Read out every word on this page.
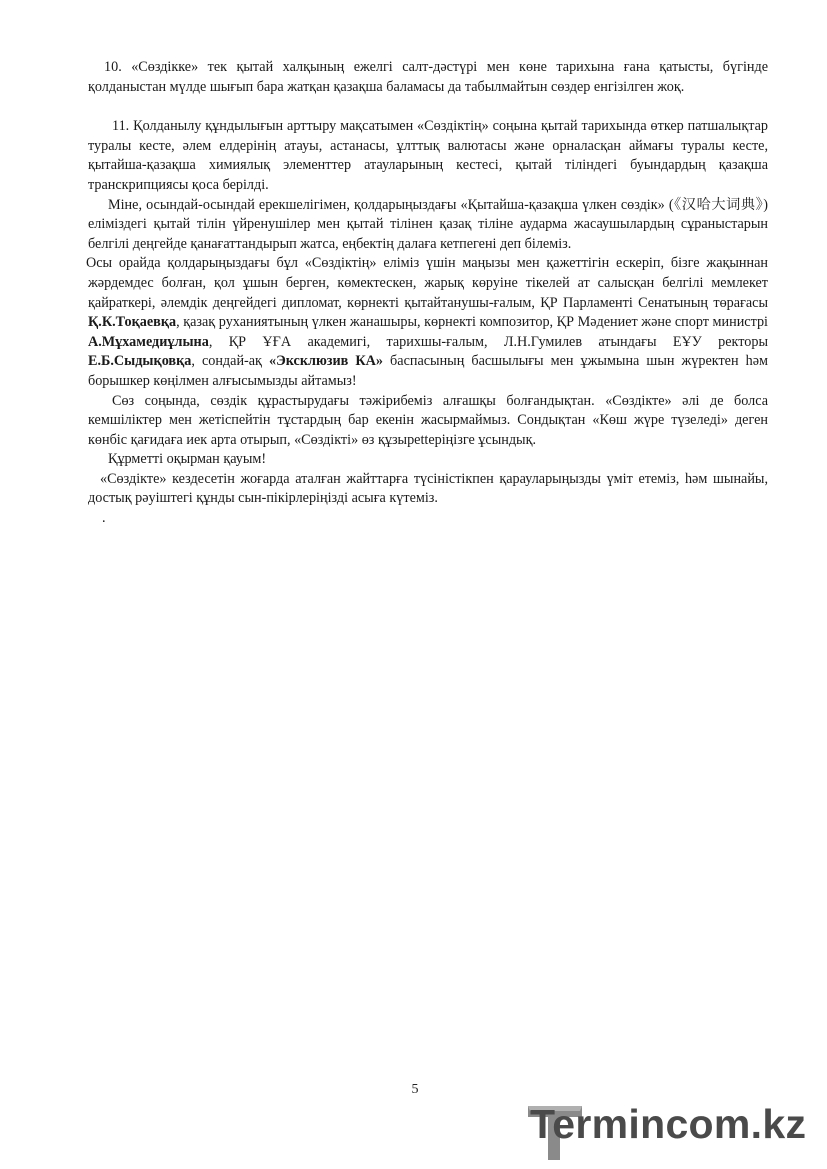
10. «Сөздікке» тек қытай халқының ежелгі салт-дәстүрі мен көне тарихына ғана қатысты, бүгінде қолданыстан мүлде шығып бара жатқан қазақша баламасы да табылмайтын сөздер енгізілген жоқ.

11. Қолданылу құндылығын арттыру мақсатымен «Сөздіктің» соңына қытай тарихында өткер патшалықтар туралы кесте, әлем елдерінің атауы, астанасы, ұлттық валютасы және орналасқан аймағы туралы кесте, қытайша-қазақша химиялық элементтер атауларының кестесі, қытай тіліндегі буындардың қазақша транскрипциясы қоса берілді.

Міне, осындай-осындай ерекшелігімен, қолдарыңыздағы «Қытайша-қазақша үлкен сөздік» (《汉哈大词典》) еліміздегі қытай тілін үйренушілер мен қытай тілінен қазақ тіліне аударма жасаушылардың сұраныстарын белгілі деңгейде қанағаттандырып жатса, еңбектің далаға кетпегені деп білеміз.

Осы орайда қолдарыңыздағы бұл «Сөздіктің» еліміз үшін маңызы мен қажеттігін ескеріп, бізге жақыннан жәрдемдес болған, қол ұшын берген, көмектескен, жарық көруіне тікелей ат салысқан белгілі мемлекет қайраткері, әлемдік деңгейдегі дипломат, көрнекті қытайтанушы-ғалым, ҚР Парламенті Сенатының төрағасы Қ.К.Тоқаевқа, қазақ руханиятының үлкен жанашыры, көрнекті композитор, ҚР Мәдениет және спорт министрі А.Мұхамедиұлына, ҚР ҰҒА академигі, тарихшы-ғалым, Л.Н.Гумилев атындағы ЕҰУ ректоры Е.Б.Сыдықовқа, сондай-ақ «Эксклюзив КА» баспасының басшылығы мен ұжымына шын жүректен һәм борышкер көңілмен алғысымызды айтамыз!

Сөз соңында, сөздік құрастырудағы тәжірибеміз алғашқы болғандықтан. «Сөздікте» әлі де болса кемшіліктер мен жетіспейтін тұстардың бар екенін жасырмаймыз. Сондықтан «Көш жүре түзеледі» деген көнбіс қағидаға иек арта отырып, «Сөздікті» өз құзырettеріңізге ұсындық.

Құрметті оқырман қауым!

«Сөздікте» кездесетін жоғарда аталған жайттарға түсіністікпен қарауларыңызды үміт етеміз, һәм шынайы, достық рәуіштегі құнды сын-пікірлеріңізді асыға күтеміз.

.

5
Termincom.kz
